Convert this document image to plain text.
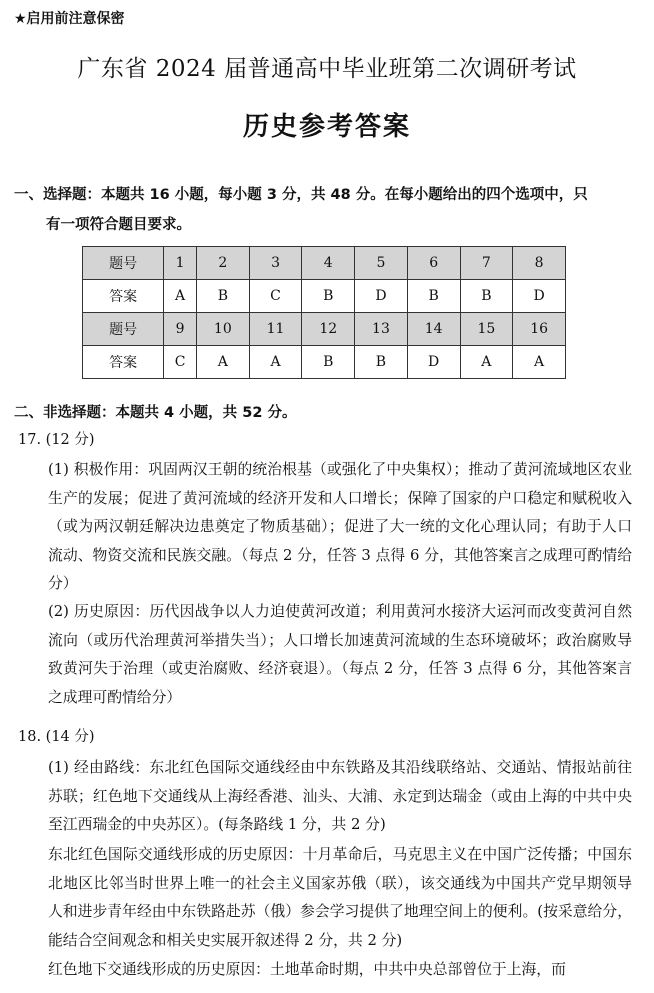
★启用前注意保密
广东省 2024 届普通高中毕业班第二次调研考试
历史参考答案
一、选择题：本题共 16 小题，每小题 3 分，共 48 分。在每小题给出的四个选项中，只
有一项符合题目要求。
题号	1	2	3	4	5	6	7	8
答案	A	B	C	B	D	B	B	D
题号	9	10	11	12	13	14	15	16
答案	C	A	A	B	B	D	A	A
二、非选择题：本题共 4 小题，共 52 分。
17. (12 分)
(1) 积极作用：巩固两汉王朝的统治根基（或强化了中央集权）；推动了黄河流域地区农业生产的发展；促进了黄河流域的经济开发和人口增长；保障了国家的户口稳定和赋税收入（或为两汉朝廷解决边患奠定了物质基础）；促进了大一统的文化心理认同；有助于人口流动、物资交流和民族交融。（每点 2 分，任答 3 点得 6 分，其他答案言之成理可酌情给分）
(2) 历史原因：历代因战争以人力迫使黄河改道；利用黄河水接济大运河而改变黄河自然流向（或历代治理黄河举措失当）；人口增长加速黄河流域的生态环境破坏；政治腐败导致黄河失于治理（或吏治腐败、经济衰退）。（每点 2 分，任答 3 点得 6 分，其他答案言之成理可酌情给分）
18. (14 分)
(1) 经由路线：东北红色国际交通线经由中东铁路及其沿线联络站、交通站、情报站前往苏联；红色地下交通线从上海经香港、汕头、大浦、永定到达瑞金（或由上海的中共中央至江西瑞金的中央苏区）。(每条路线 1 分，共 2 分)
东北红色国际交通线形成的历史原因：十月革命后，马克思主义在中国广泛传播；中国东北地区比邻当时世界上唯一的社会主义国家苏俄（联），该交通线为中国共产党早期领导人和进步青年经由中东铁路赴苏（俄）参会学习提供了地理空间上的便利。(按采意给分，能结合空间观念和相关史实展开叙述得 2 分，共 2 分)
红色地下交通线形成的历史原因：土地革命时期，中共中央总部曾位于上海，而
